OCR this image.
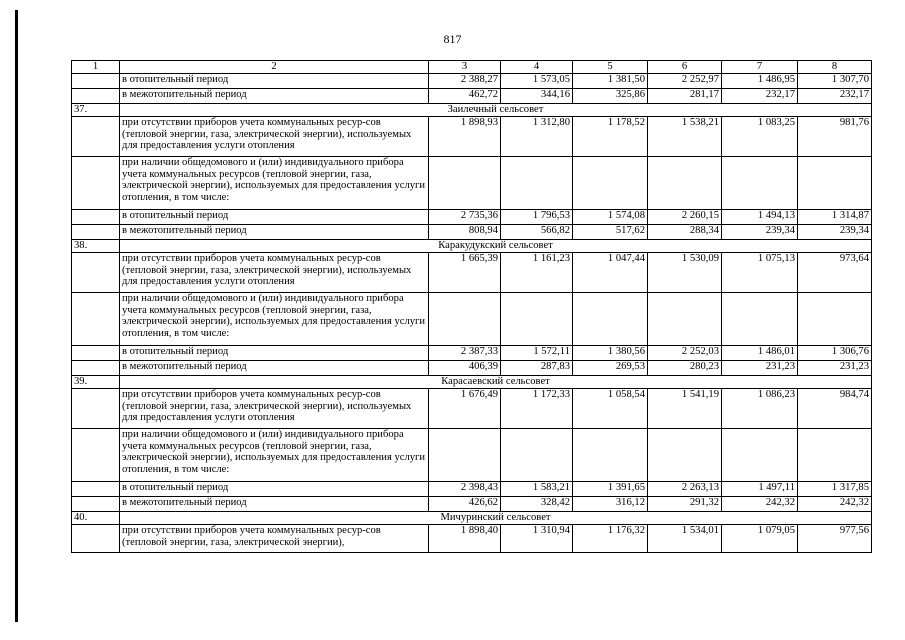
817
1	2	3	4	5	6	7	8
	в отопительный период	2 388,27	1 573,05	1 381,50	2 252,97	1 486,95	1 307,70
	в межотопительный период	462,72	344,16	325,86	281,17	232,17	232,17
37.	Заилечный сельсовет						
	при отсутствии приборов учета коммунальных ресур-сов (тепловой энергии, газа, электрической энергии), используемых для предоставления услуги отопления	1 898,93	1 312,80	1 178,52	1 538,21	1 083,25	981,76
	при наличии общедомового и (или) индивидуального прибора учета коммунальных ресурсов (тепловой энергии, газа, электрической энергии), используемых для предоставления услуги отопления, в том числе:						
	в отопительный период	2 735,36	1 796,53	1 574,08	2 260,15	1 494,13	1 314,87
	в межотопительный период	808,94	566,82	517,62	288,34	239,34	239,34
38.	Каракудукский сельсовет						
	при отсутствии приборов учета коммунальных ресур-сов (тепловой энергии, газа, электрической энергии), используемых для предоставления услуги отопления	1 665,39	1 161,23	1 047,44	1 530,09	1 075,13	973,64
	при наличии общедомового и (или) индивидуального прибора учета коммунальных ресурсов (тепловой энергии, газа, электрической энергии), используемых для предоставления услуги отопления, в том числе:						
	в отопительный период	2 387,33	1 572,11	1 380,56	2 252,03	1 486,01	1 306,76
	в межотопительный период	406,39	287,83	269,53	280,23	231,23	231,23
39.	Карасаевский сельсовет						
	при отсутствии приборов учета коммунальных ресур-сов (тепловой энергии, газа, электрической энергии), используемых для предоставления услуги отопления	1 676,49	1 172,33	1 058,54	1 541,19	1 086,23	984,74
	при наличии общедомового и (или) индивидуального прибора учета коммунальных ресурсов (тепловой энергии, газа, электрической энергии), используемых для предоставления услуги отопления, в том числе:						
	в отопительный период	2 398,43	1 583,21	1 391,65	2 263,13	1 497,11	1 317,85
	в межотопительный период	426,62	328,42	316,12	291,32	242,32	242,32
40.	Мичуринский сельсовет						
	при отсутствии приборов учета коммунальных ресур-сов (тепловой энергии, газа, электрической энергии),	1 898,40	1 310,94	1 176,32	1 534,01	1 079,05	977,56
